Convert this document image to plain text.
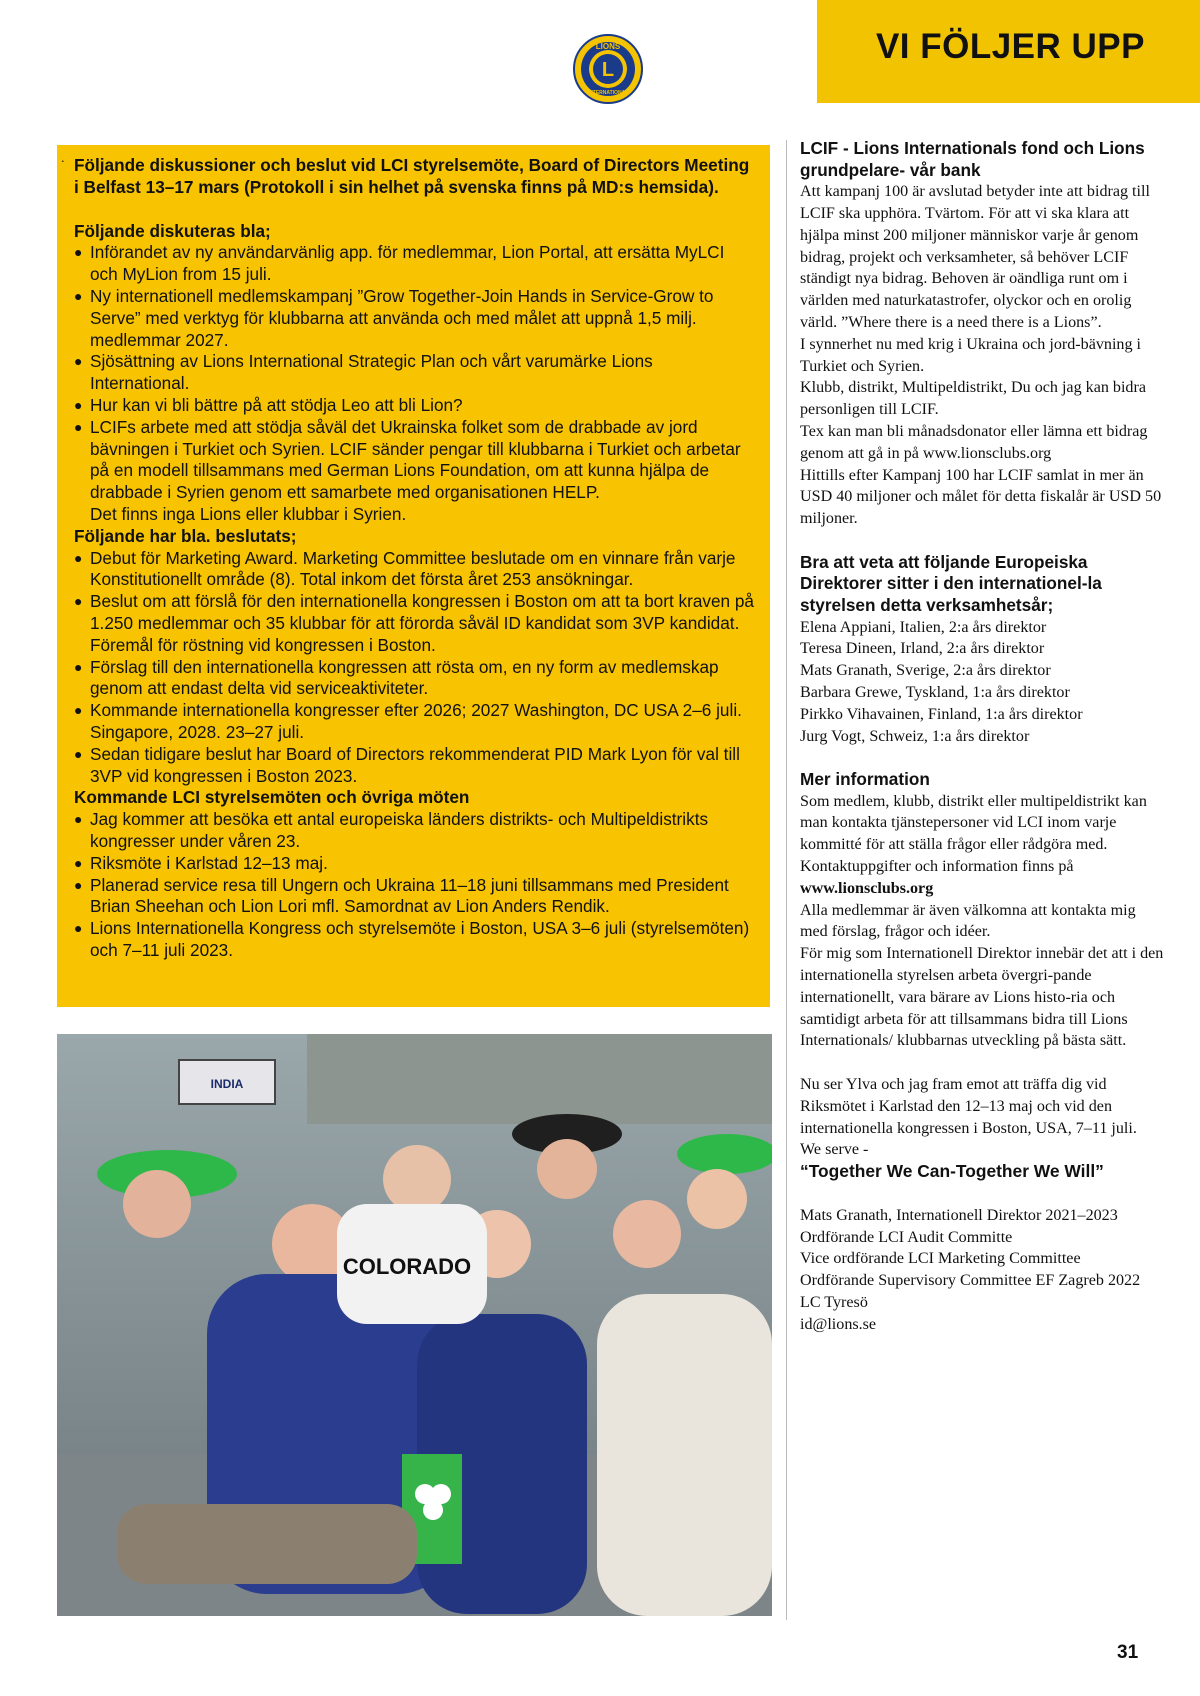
LIONS
INTERNATIONAL
L
VI FÖLJER UPP
. Följande diskussioner och beslut vid LCI styrelsemöte, Board of Directors Meeting i Belfast 13–17 mars (Protokoll i sin helhet på svenska finns på MD:s hemsida).

Följande diskuteras bla;

● Införandet av ny användarvänlig app. för medlemmar, Lion Portal, att ersätta MyLCI och MyLion from 15 juli.
● Ny internationell medlemskampanj ”Grow Together-Join Hands in Service-Grow to Serve” med verktyg för klubbarna att använda och med målet att uppnå 1,5 milj. medlemmar 2027.
● Sjösättning av Lions International Strategic Plan och vårt varumärke Lions International.
● Hur kan vi bli bättre på att stödja Leo att bli Lion?
● LCIFs arbete med att stödja såväl det Ukrainska folket som de drabbade av jord bävningen i Turkiet och Syrien. LCIF sänder pengar till klubbarna i Turkiet och arbetar på en modell tillsammans med German Lions Foundation, om att kunna hjälpa de drabbade i Syrien genom ett samarbete med organisationen HELP.

Det finns inga Lions eller klubbar i Syrien.

Följande har bla. beslutats;

● Debut för Marketing Award. Marketing Committee beslutade om en vinnare från varje Konstitutionellt område (8). Total inkom det första året 253 ansökningar.
● Beslut om att förslå för den internationella kongressen i Boston om att ta bort kraven på 1.250 medlemmar och 35 klubbar för att förorda såväl ID kandidat som 3VP kandidat. Föremål för röstning vid kongressen i Boston.
● Förslag till den internationella kongressen att rösta om, en ny form av medlemskap genom att endast delta vid serviceaktiviteter.
● Kommande internationella kongresser efter 2026; 2027 Washington, DC USA 2–6 juli. Singapore, 2028. 23–27 juli.
● Sedan tidigare beslut har Board of Directors rekommenderat PID Mark Lyon för val till 3VP vid kongressen i Boston 2023.

Kommande LCI styrelsemöten och övriga möten

● Jag kommer att besöka ett antal europeiska länders distrikts- och Multipeldistrikts kongresser under våren 23.
● Riksmöte i Karlstad 12–13 maj.
● Planerad service resa till Ungern och Ukraina 11–18 juni tillsammans med President Brian Sheehan och Lion Lori mfl. Samordnat av Lion Anders Rendik.
● Lions Internationella Kongress och styrelsemöte i Boston, USA 3–6 juli (styrelsemöten) och 7–11 juli 2023.
INDIA
COLORADO

LCIF - Lions Internationals fond och Lions grundpelare- vår bank

Att kampanj 100 är avslutad betyder inte att bidrag till LCIF ska upphöra. Tvärtom. För att vi ska klara att hjälpa minst 200 miljoner människor varje år genom bidrag, projekt och verksamheter, så behöver LCIF ständigt nya bidrag. Behoven är oändliga runt om i världen med naturkatastrofer, olyckor och en orolig värld. ”Where there is a need there is a Lions”.

I synnerhet nu med krig i Ukraina och jord-bävning i Turkiet och Syrien.

Klubb, distrikt, Multipeldistrikt, Du och jag kan bidra personligen till LCIF.

Tex kan man bli månadsdonator eller lämna ett bidrag genom att gå in på www.lionsclubs.org

Hittills efter Kampanj 100 har LCIF samlat in mer än USD 40 miljoner och målet för detta fiskalår är USD 50 miljoner.

Bra att veta att följande Europeiska Direktorer sitter i den internationel-la styrelsen detta verksamhetsår;

Elena Appiani, Italien, 2:a års direktor

Teresa Dineen, Irland, 2:a års direktor

Mats Granath, Sverige, 2:a års direktor

Barbara Grewe, Tyskland, 1:a års direktor

Pirkko Vihavainen, Finland, 1:a års direktor

Jurg Vogt, Schweiz, 1:a års direktor

Mer information

Som medlem, klubb, distrikt eller multipeldistrikt kan man kontakta tjänstepersoner vid LCI inom varje kommitté för att ställa frågor eller rådgöra med.

Kontaktuppgifter och information finns på

www.lionsclubs.org

Alla medlemmar är även välkomna att kontakta mig med förslag, frågor och idéer.

För mig som Internationell Direktor innebär det att i den internationella styrelsen arbeta övergri-pande internationellt, vara bärare av Lions histo-ria och samtidigt arbeta för att tillsammans bidra till Lions Internationals/ klubbarnas utveckling på bästa sätt.

Nu ser Ylva och jag fram emot att träffa dig vid Riksmötet i Karlstad den 12–13 maj och vid den internationella kongressen i Boston, USA, 7–11 juli.

We serve -

“Together We Can-Together We Will”

Mats Granath, Internationell Direktor 2021–2023

Ordförande LCI Audit Committe

Vice ordförande LCI Marketing Committee

Ordförande Supervisory Committee EF Zagreb 2022

LC Tyresö

id@lions.se

31
